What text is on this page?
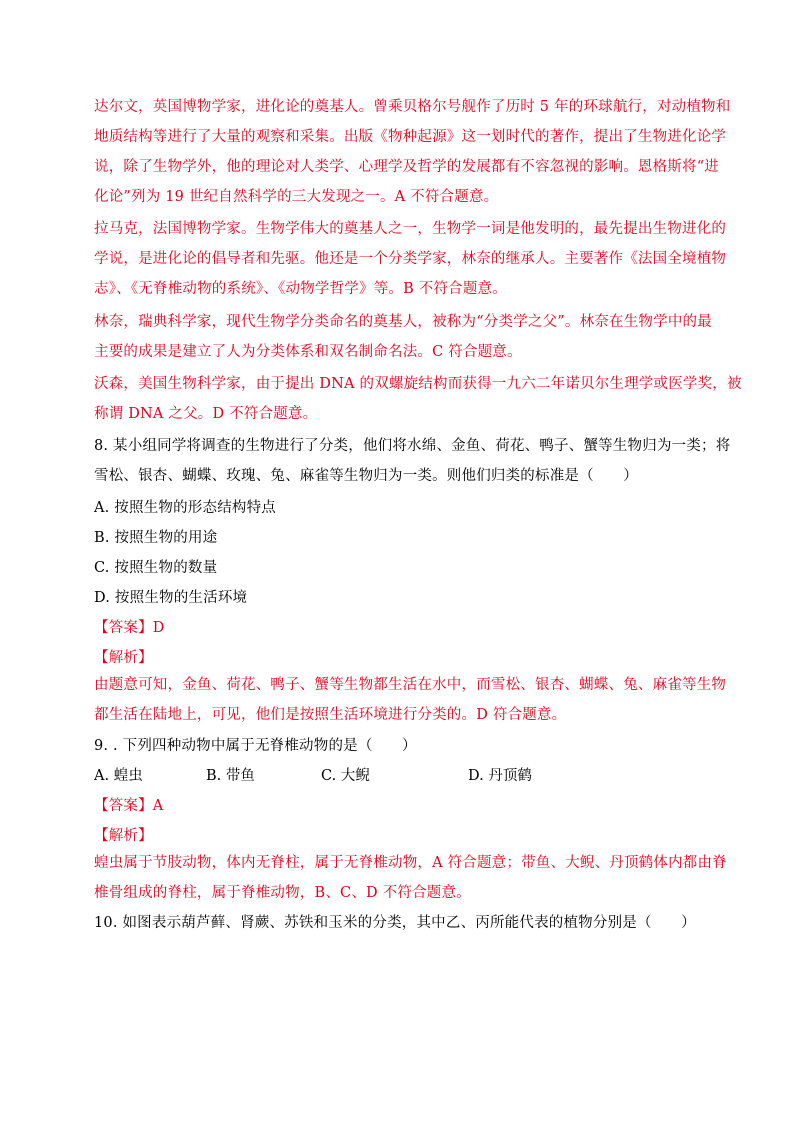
达尔文，英国博物学家，进化论的奠基人。曾乘贝格尔号舰作了历时 5 年的环球航行，对动植物和
地质结构等进行了大量的观察和采集。出版《物种起源》这一划时代的著作，提出了生物进化论学
说，除了生物学外，他的理论对人类学、心理学及哲学的发展都有不容忽视的影响。恩格斯将“进
化论”列为 19 世纪自然科学的三大发现之一。A 不符合题意。
拉马克，法国博物学家。生物学伟大的奠基人之一，生物学一词是他发明的，最先提出生物进化的
学说，是进化论的倡导者和先驱。他还是一个分类学家，林奈的继承人。主要著作《法国全境植物
志》、《无脊椎动物的系统》、《动物学哲学》等。B 不符合题意。
林奈，瑞典科学家，现代生物学分类命名的奠基人，被称为“分类学之父”。林奈在生物学中的最
主要的成果是建立了人为分类体系和双名制命名法。C 符合题意。
沃森，美国生物科学家，由于提出 DNA 的双螺旋结构而获得一九六二年诺贝尔生理学或医学奖，被
称谓 DNA 之父。D 不符合题意。
8. 某小组同学将调查的生物进行了分类，他们将水绵、金鱼、荷花、鸭子、蟹等生物归为一类；将
雪松、银杏、蝴蝶、玫瑰、兔、麻雀等生物归为一类。则他们归类的标准是（　　）
A. 按照生物的形态结构特点
B. 按照生物的用途
C. 按照生物的数量
D. 按照生物的生活环境
【答案】D
【解析】
由题意可知，金鱼、荷花、鸭子、蟹等生物都生活在水中，而雪松、银杏、蝴蝶、兔、麻雀等生物
都生活在陆地上，可见，他们是按照生活环境进行分类的。D 符合题意。
9. . 下列四种动物中属于无脊椎动物的是（　　）
A. 蝗虫	B. 带鱼	C. 大鲵	D. 丹顶鹤
【答案】A
【解析】
蝗虫属于节肢动物，体内无脊柱，属于无脊椎动物，A 符合题意；带鱼、大鲵、丹顶鹤体内都由脊
椎骨组成的脊柱，属于脊椎动物，B、C、D 不符合题意。
10. 如图表示葫芦藓、肾蕨、苏铁和玉米的分类，其中乙、丙所能代表的植物分别是（　　）
